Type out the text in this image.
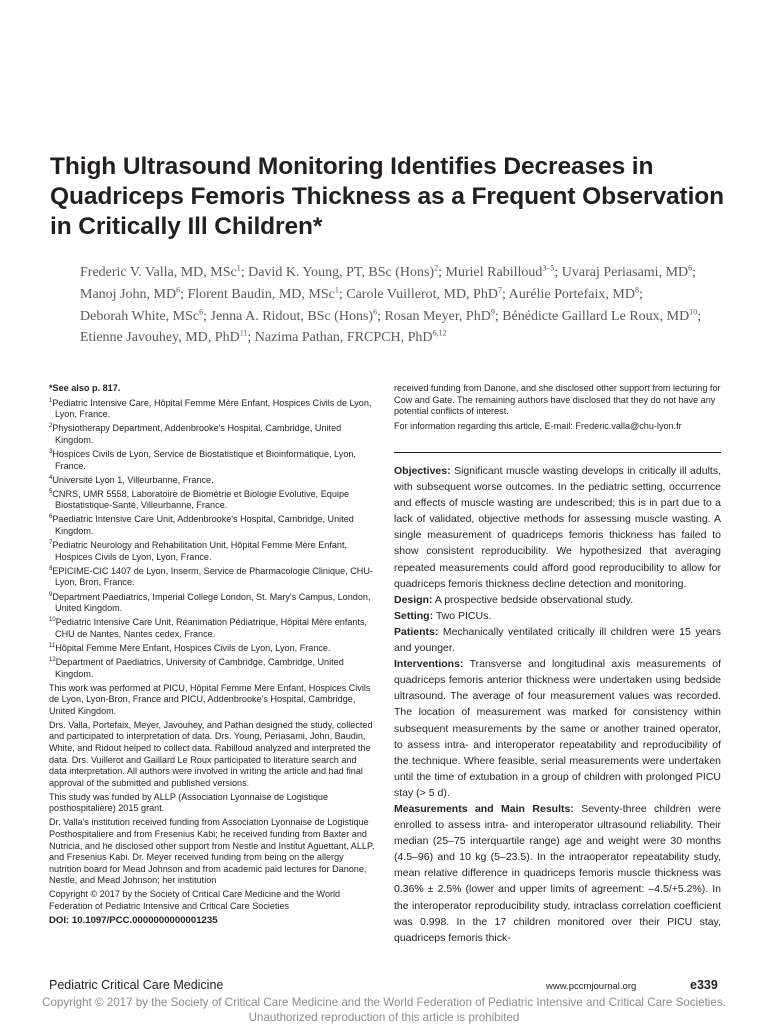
Thigh Ultrasound Monitoring Identifies Decreases in Quadriceps Femoris Thickness as a Frequent Observation in Critically Ill Children*
Frederic V. Valla, MD, MSc$^1$; David K. Young, PT, BSc (Hons)$^2$; Muriel Rabilloud$^{3-5}$; Uvaraj Periasami, $MD^6$; Manoj John, $MD^6$; Florent Baudin, MD, MSc$^1$; Carole Vuillerot, MD, PhD$^7$; Aurélie Portefaix, $MD^8$; Deborah White, MSc$^6$; Jenna A. Ridout, BSc (Hons)$^6$; Rosan Meyer, PhD$^9$; Bénédicte Gaillard Le Roux, MD$^{10}$; Etienne Javouhey, MD, PhD$^{11}$; Nazima Pathan, FRCPCH, PhD$^{6,12}$

*See also p. 817.

$^1$Pediatric Intensive Care, Hôpital Femme Mère Enfant, Hospices Civils de Lyon, Lyon, France.

$^2$Physiotherapy Department, Addenbrooke's Hospital, Cambridge, United Kingdom.

$^3$Hospices Civils de Lyon, Service de Biostatistique et Bioinformatique, Lyon, France.

$^4$Université Lyon 1, Villeurbanne, France.

$^5$CNRS, UMR 5558, Laboratoire de Biométrie et Biologie Evolutive, Equipe Biostatistique-Santé, Villeurbanne, France.

$^6$Paediatric Intensive Care Unit, Addenbrooke's Hospital, Cambridge, United Kingdom.

$^7$Pediatric Neurology and Rehabilitation Unit, Hôpital Femme Mère Enfant, Hospices Civils de Lyon, Lyon, France.

$^8$EPICIME-CIC 1407 de Lyon, Inserm, Service de Pharmacologie Clinique, CHU-Lyon, Bron, France.

$^9$Department Paediatrics, Imperial College London, St. Mary's Campus, London, United Kingdom.

$^{10}$Pediatric Intensive Care Unit, Réanimation Pédiatrique, Hôpital Mère enfants, CHU de Nantes, Nantes cedex, France.

$^{11}$Hôpital Femme Mère Enfant, Hospices Civils de Lyon, Lyon, France.

$^{12}$Department of Paediatrics, University of Cambridge, Cambridge, United Kingdom.

This work was performed at PICU, Hôpital Femme Mère Enfant, Hospices Civils de Lyon, Lyon-Bron, France and PICU, Addenbrooke's Hospital, Cambridge, United Kingdom.

Drs. Valla, Portefaix, Meyer, Javouhey, and Pathan designed the study, collected and participated to interpretation of data. Drs. Young, Periasami, John, Baudin, White, and Ridout helped to collect data. Rabilloud analyzed and interpreted the data. Drs. Vuillerot and Gaillard Le Roux participated to literature search and data interpretation. All authors were involved in writing the article and had final approval of the submitted and published versions.

This study was funded by ALLP (Association Lyonnaise de Logistique posthospitalière) 2015 grant.

Dr. Valla's institution received funding from Association Lyonnaise de Logistique Posthospitaliere and from Fresenius Kabi; he received funding from Baxter and Nutricia, and he disclosed other support from Nestle and Institut Aguettant, ALLP, and Fresenius Kabi. Dr. Meyer received funding from being on the allergy nutrition board for Mead Johnson and from academic paid lectures for Danone, Nestle, and Mead Johnson; her institution

Copyright © 2017 by the Society of Critical Care Medicine and the World Federation of Pediatric Intensive and Critical Care Societies

DOI: 10.1097/PCC.0000000000001235

received funding from Danone, and she disclosed other support from lecturing for Cow and Gate. The remaining authors have disclosed that they do not have any potential conflicts of interest.

For information regarding this article, E-mail: Frederic.valla@chu-lyon.fr

Objectives: Significant muscle wasting develops in critically ill adults, with subsequent worse outcomes. In the pediatric setting, occurrence and effects of muscle wasting are undescribed; this is in part due to a lack of validated, objective methods for assessing muscle wasting. A single measurement of quadriceps femoris thickness has failed to show consistent reproducibility. We hypothesized that averaging repeated measurements could afford good reproducibility to allow for quadriceps femoris thickness decline detection and monitoring.

Design: A prospective bedside observational study.

Setting: Two PICUs.

Patients: Mechanically ventilated critically ill children were 15 years and younger.

Interventions: Transverse and longitudinal axis measurements of quadriceps femoris anterior thickness were undertaken using bedside ultrasound. The average of four measurement values was recorded. The location of measurement was marked for consistency within subsequent measurements by the same or another trained operator, to assess intra- and interoperator repeatability and reproducibility of the technique. Where feasible, serial measurements were undertaken until the time of extubation in a group of children with prolonged PICU stay (> 5 d).

Measurements and Main Results: Seventy-three children were enrolled to assess intra- and interoperator ultrasound reliability. Their median (25–75 interquartile range) age and weight were 30 months (4.5–96) and 10 kg (5–23.5). In the intraoperator repeatability study, mean relative difference in quadriceps femoris muscle thickness was 0.36% ± 2.5% (lower and upper limits of agreement: –4.5/+5.2%). In the interoperator reproducibility study, intraclass correlation coefficient was 0.998. In the 17 children monitored over their PICU stay, quadriceps femoris thick-

Pediatric Critical Care Medicine	www.pccmjournal.org	e339
Copyright © 2017 by the Society of Critical Care Medicine and the World Federation of Pediatric Intensive and Critical Care Societies.
Unauthorized reproduction of this article is prohibited
